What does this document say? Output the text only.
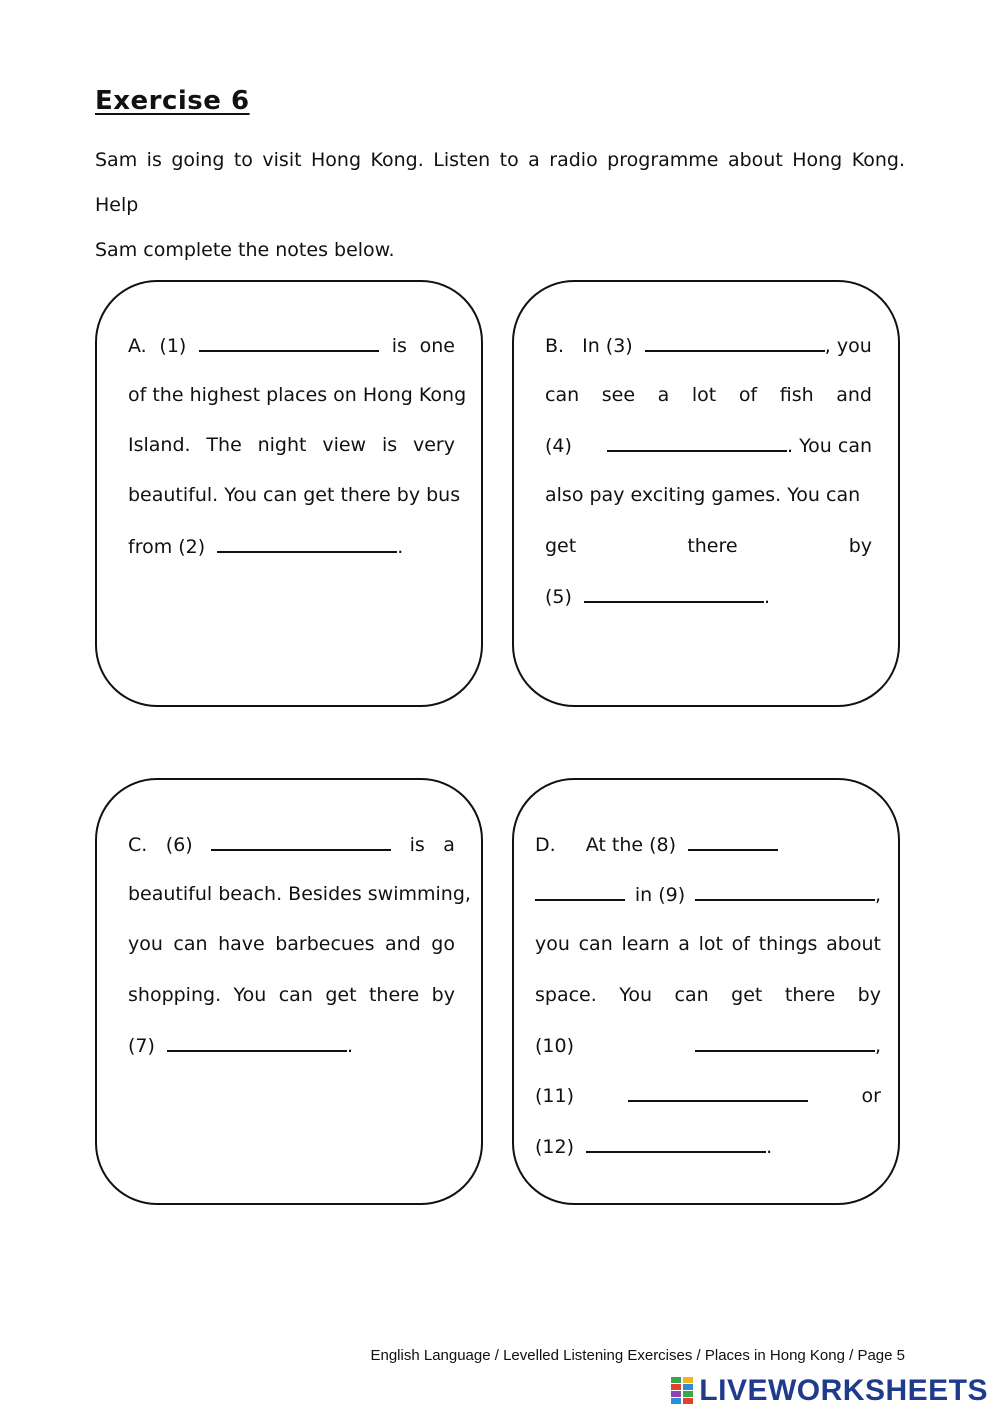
Exercise 6
Sam is going to visit Hong Kong. Listen to a radio programme about Hong Kong. Help
Sam complete the notes below.
A. (1)	is one
of the highest places on Hong Kong
Island. The night view is very
beautiful. You can get there by bus
from (2)	.
B. In (3)	, you
can see a lot of fish and
(4)	. You can
also pay exciting games. You can
get	there	by
(5)	.
C. (6)	is a
beautiful beach. Besides swimming,
you can have barbecues and go
shopping. You can get there by
(7)	.
D. At the (8)
in (9)	,
you can learn a lot of things about
space. You can get there by
(10)	,
(11)	or
(12)	.
English Language / Levelled Listening Exercises / Places in Hong Kong / Page 5
LIVEWORKSHEETS
